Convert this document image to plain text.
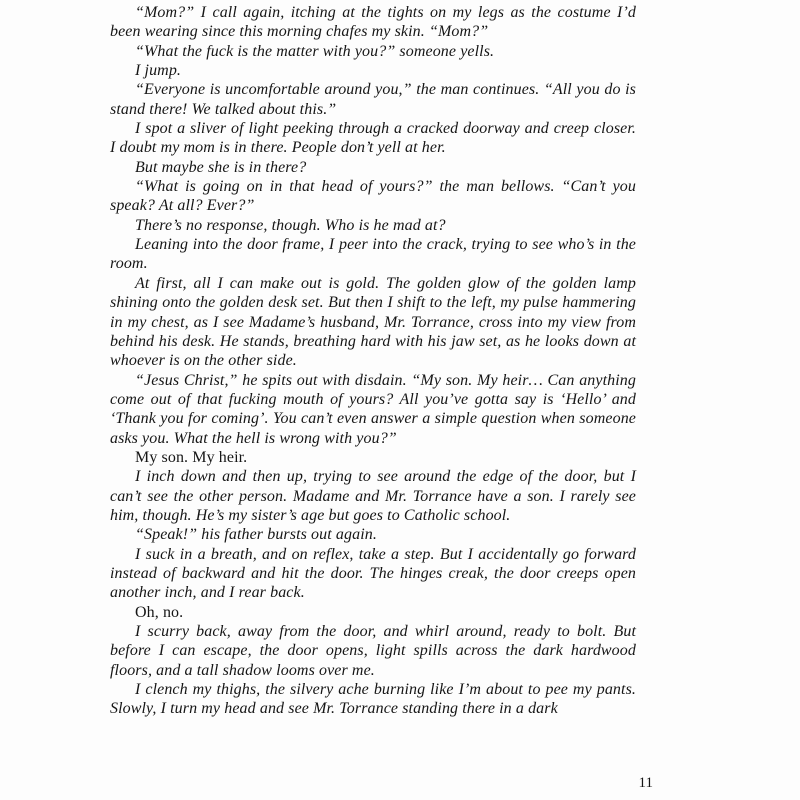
“Mom?” I call again, itching at the tights on my legs as the costume I’d been wearing since this morning chafes my skin. “Mom?”

“What the fuck is the matter with you?” someone yells.

I jump.

“Everyone is uncomfortable around you,” the man continues. “All you do is stand there! We talked about this.”

I spot a sliver of light peeking through a cracked doorway and creep closer. I doubt my mom is in there. People don’t yell at her.

But maybe she is in there?

“What is going on in that head of yours?” the man bellows. “Can’t you speak? At all? Ever?”

There’s no response, though. Who is he mad at?

Leaning into the door frame, I peer into the crack, trying to see who’s in the room.

At first, all I can make out is gold. The golden glow of the golden lamp shining onto the golden desk set. But then I shift to the left, my pulse hammering in my chest, as I see Madame’s husband, Mr. Torrance, cross into my view from behind his desk. He stands, breathing hard with his jaw set, as he looks down at whoever is on the other side.

“Jesus Christ,” he spits out with disdain. “My son. My heir… Can anything come out of that fucking mouth of yours? All you’ve gotta say is ‘Hello’ and ‘Thank you for coming’. You can’t even answer a simple question when someone asks you. What the hell is wrong with you?”

My son. My heir.

I inch down and then up, trying to see around the edge of the door, but I can’t see the other person. Madame and Mr. Torrance have a son. I rarely see him, though. He’s my sister’s age but goes to Catholic school.

“Speak!” his father bursts out again.

I suck in a breath, and on reflex, take a step. But I accidentally go forward instead of backward and hit the door. The hinges creak, the door creeps open another inch, and I rear back.

Oh, no.

I scurry back, away from the door, and whirl around, ready to bolt. But before I can escape, the door opens, light spills across the dark hardwood floors, and a tall shadow looms over me.

I clench my thighs, the silvery ache burning like I’m about to pee my pants. Slowly, I turn my head and see Mr. Torrance standing there in a dark

11
